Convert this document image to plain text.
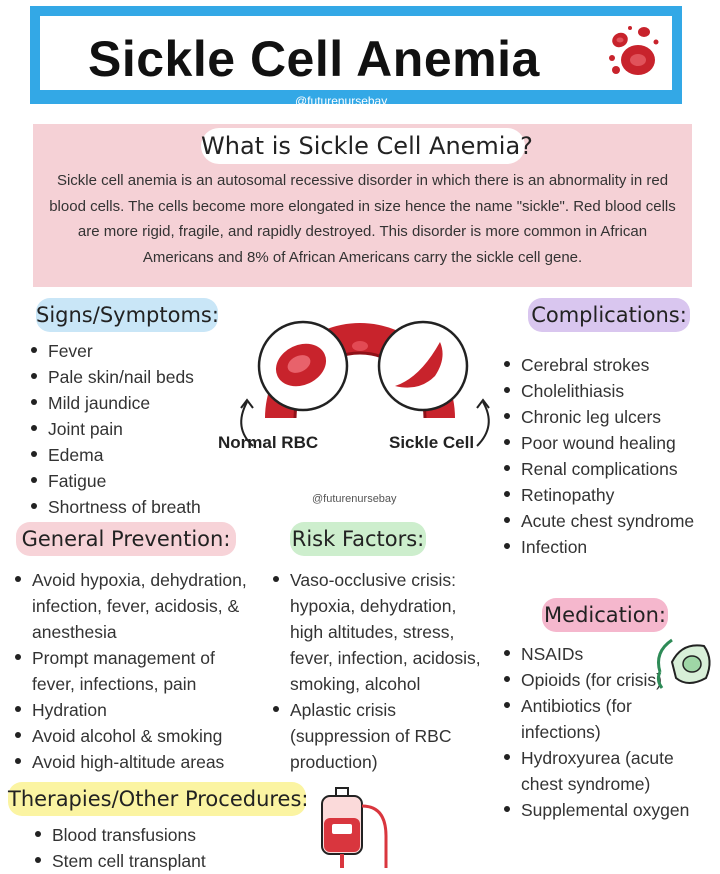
Sickle Cell Anemia
@futurenursebay
What is Sickle Cell Anemia?
Sickle cell anemia is an autosomal recessive disorder in which there is an abnormality in red blood cells. The cells become more elongated in size hence the name "sickle". Red blood cells are more rigid, fragile, and rapidly destroyed. This disorder is more common in African Americans and 8% of African Americans carry the sickle cell gene.
Signs/Symptoms:
Fever
Pale skin/nail beds
Mild jaundice
Joint pain
Edema
Fatigue
Shortness of breath
Complications:
Cerebral strokes
Cholelithiasis
Chronic leg ulcers
Poor wound healing
Renal complications
Retinopathy
Acute chest syndrome
Infection
Normal RBC	Sickle Cell
@futurenursebay
General Prevention:
Avoid hypoxia, dehydration,
infection, fever, acidosis, &
anesthesia
Prompt management of
fever, infections, pain
Hydration
Avoid alcohol & smoking
Avoid high-altitude areas
Risk Factors:
Vaso-occlusive crisis:
hypoxia, dehydration,
high altitudes, stress,
fever, infection, acidosis,
smoking, alcohol
Aplastic crisis
(suppression of RBC
production)
Medication:
NSAIDs
Opioids (for crisis)
Antibiotics (for
infections)
Hydroxyurea (acute
chest syndrome)
Supplemental oxygen
Therapies/Other Procedures:
Blood transfusions
Stem cell transplant
